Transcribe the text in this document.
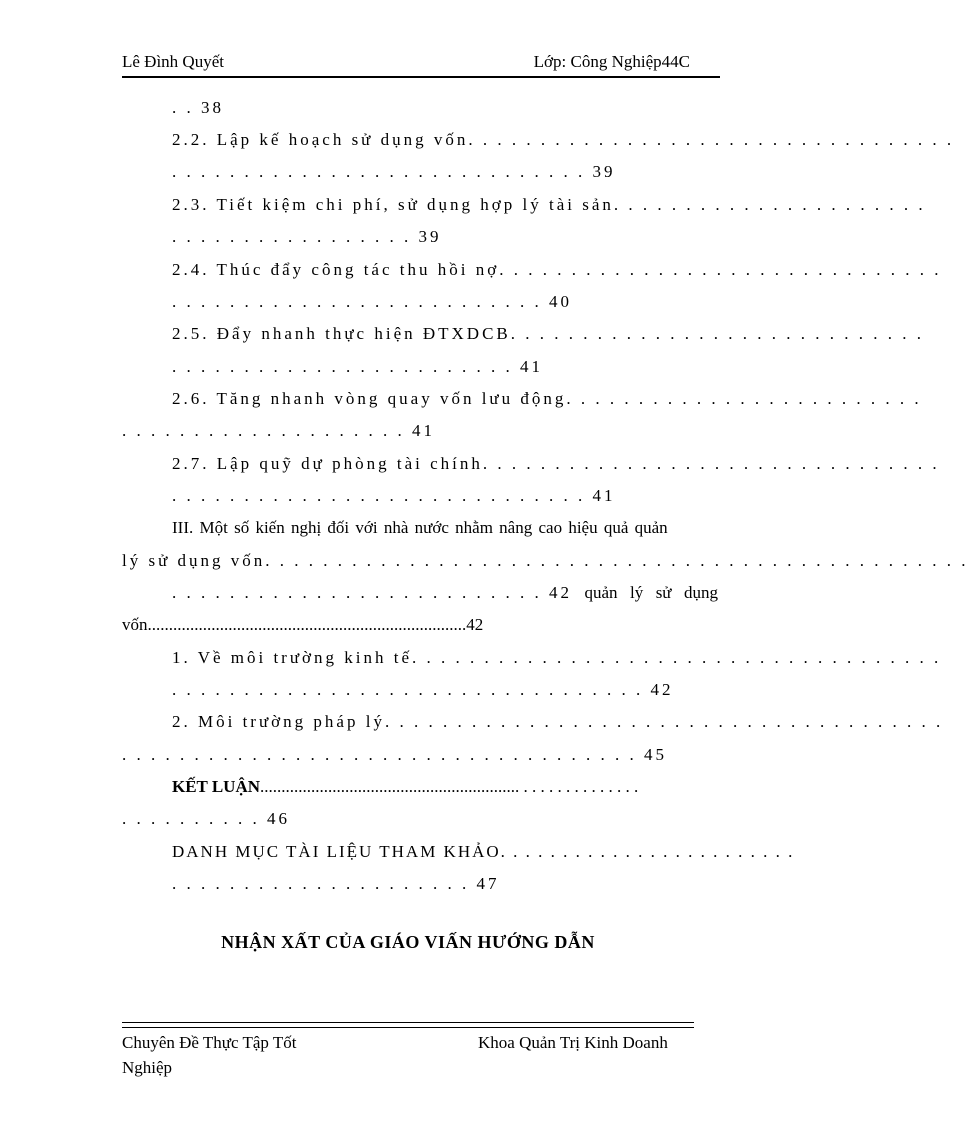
Lê Đình Quyết	Lớp: Công Nghiệp44C
. . 38
2.2. Lập kế hoạch sử dụng vốn. . . . . . . . . . . . . . . . . . . . . . . . . . . . . . . . . .
. . . . . . . . . . . . . . . . . . . . . . . . . . . . . 39
2.3. Tiết kiệm chi phí, sử dụng hợp lý tài sản. . . . . . . . . . . . . . . . . . . . . .
. . . . . . . . . . . . . . . . . 39
2.4. Thúc đẩy công tác thu hồi nợ. . . . . . . . . . . . . . . . . . . . . . . . . . . . . . .
. . . . . . . . . . . . . . . . . . . . . . . . . . 40
2.5. Đẩy nhanh thực hiện ĐTXDCB. . . . . . . . . . . . . . . . . . . . . . . . . . . . .
. . . . . . . . . . . . . . . . . . . . . . . . 41
2.6. Tăng nhanh vòng quay vốn lưu động. . . . . . . . . . . . . . . . . . . . . . . . .
. . . . . . . . . . . . . . . . . . . . 41
2.7. Lập quỹ dự phòng tài chính. . . . . . . . . . . . . . . . . . . . . . . . . . . . . . . .
. . . . . . . . . . . . . . . . . . . . . . . . . . . . . 41
III. Một số kiến nghị đối với nhà nước nhằm nâng cao hiệu quả quản
lý sử dụng vốn. . . . . . . . . . . . . . . . . . . . . . . . . . . . . . . . . . . . . . . . . . . . . . . . .
. . . . . . . . . . . . . . . . . . . . . . . . . . 42 quản lý sử dụng
vốn...........................................................................42
1. Về môi trường kinh tế. . . . . . . . . . . . . . . . . . . . . . . . . . . . . . . . . . . . .
. . . . . . . . . . . . . . . . . . . . . . . . . . . . . . . . . 42
2. Môi trường pháp lý. . . . . . . . . . . . . . . . . . . . . . . . . . . . . . . . . . . . . . .
. . . . . . . . . . . . . . . . . . . . . . . . . . . . . . . . . . . . 45
KẾT LUẬN............................................................. . . . . . . . . . . . . . .
. . . . . . . . . . 46
DANH MỤC TÀI LIỆU THAM KHẢO. . . . . . . . . . . . . . . . . . . . . . . .
. . . . . . . . . . . . . . . . . . . . . 47
NHẬN XẤT CỦA GIÁO VIẤN HƯỚNG DẪN
Chuyên Đề Thực Tập Tốt Nghiệp
Khoa Quản Trị Kinh Doanh
